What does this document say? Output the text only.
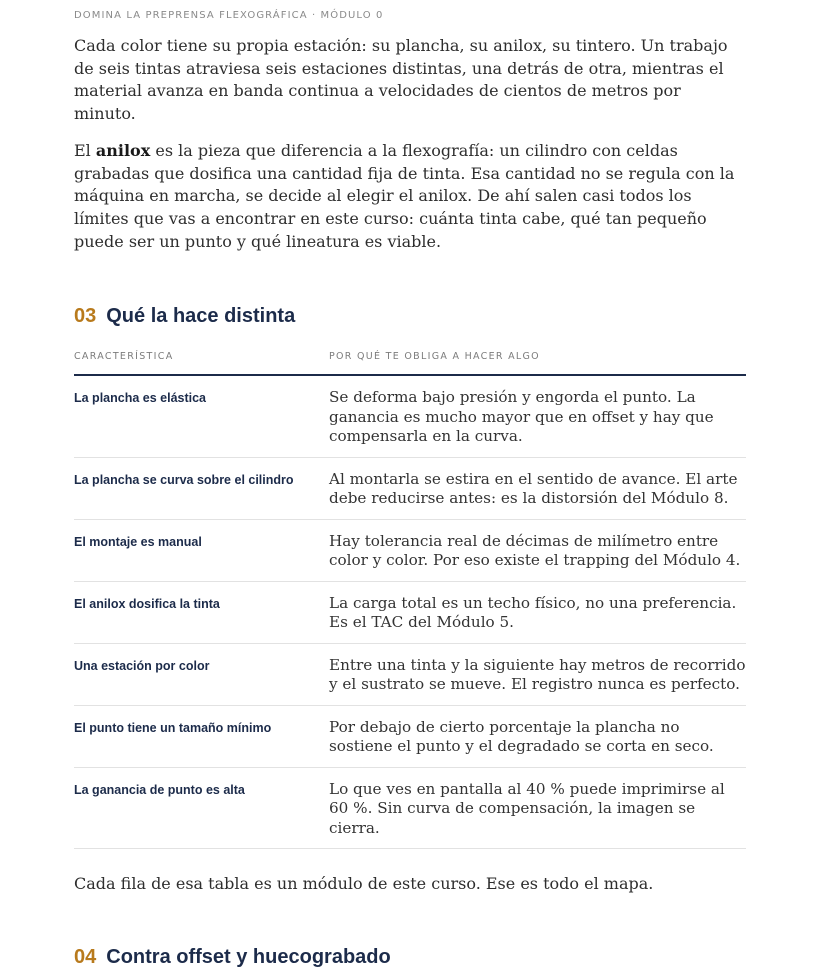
DOMINA LA PREPRENSA FLEXOGRÁFICA · MÓDULO 0

Cada color tiene su propia estación: su plancha, su anilox, su tintero. Un trabajo de seis tintas atraviesa seis estaciones distintas, una detrás de otra, mientras el material avanza en banda continua a velocidades de cientos de metros por minuto.

El anilox es la pieza que diferencia a la flexografía: un cilindro con celdas grabadas que dosifica una cantidad fija de tinta. Esa cantidad no se regula con la máquina en marcha, se decide al elegir el anilox. De ahí salen casi todos los límites que vas a encontrar en este curso: cuánta tinta cabe, qué tan pequeño puede ser un punto y qué lineatura es viable.

03 Qué la hace distinta
CARACTERÍSTICA	POR QUÉ TE OBLIGA A HACER ALGO
La plancha es elástica	Se deforma bajo presión y engorda el punto. La ganancia es mucho mayor que en offset y hay que compensarla en la curva.
La plancha se curva sobre el cilindro	Al montarla se estira en el sentido de avance. El arte debe reducirse antes: es la distorsión del Módulo 8.
El montaje es manual	Hay tolerancia real de décimas de milímetro entre color y color. Por eso existe el trapping del Módulo 4.
El anilox dosifica la tinta	La carga total es un techo físico, no una preferencia. Es el TAC del Módulo 5.
Una estación por color	Entre una tinta y la siguiente hay metros de recorrido y el sustrato se mueve. El registro nunca es perfecto.
El punto tiene un tamaño mínimo	Por debajo de cierto porcentaje la plancha no sostiene el punto y el degradado se corta en seco.
La ganancia de punto es alta	Lo que ves en pantalla al 40 % puede imprimirse al 60 %. Sin curva de compensación, la imagen se cierra.

Cada fila de esa tabla es un módulo de este curso. Ese es todo el mapa.

04 Contra offset y huecograbado
